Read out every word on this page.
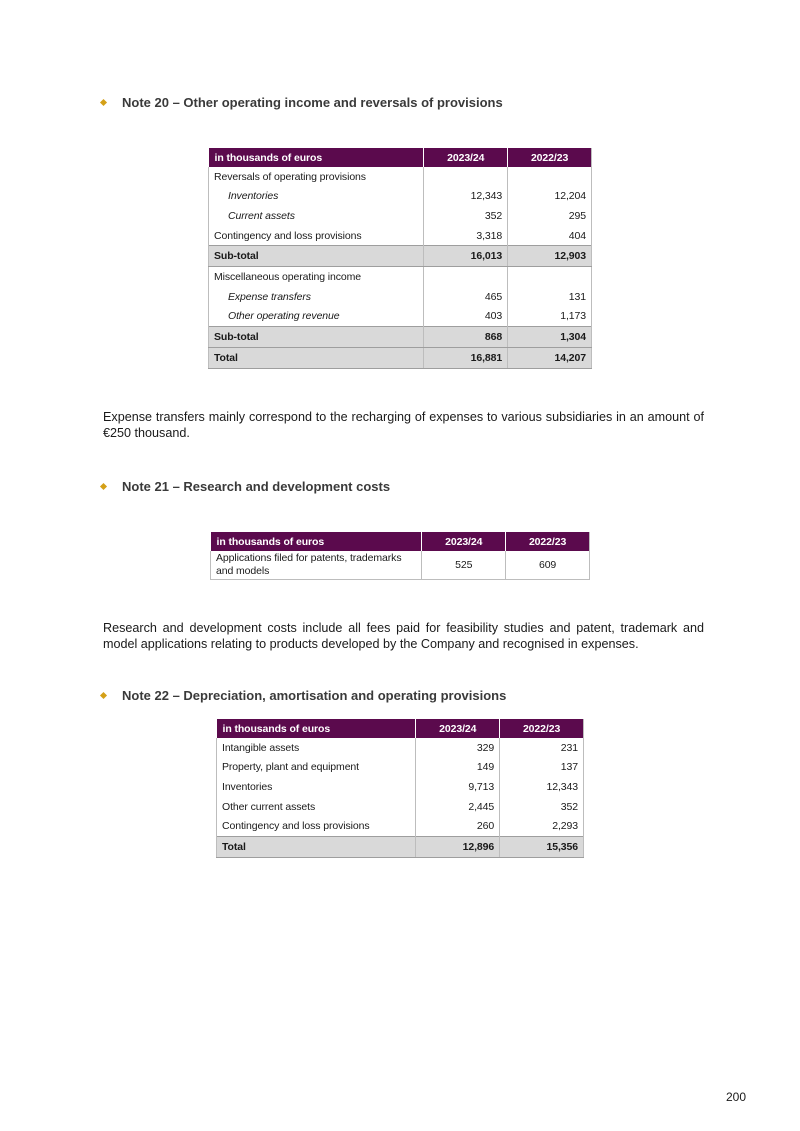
Note 20 – Other operating income and reversals of provisions
in thousands of euros	2023/24	2022/23
Reversals of operating provisions		
Inventories	12,343	12,204
Current assets	352	295
Contingency and loss provisions	3,318	404
Sub-total	16,013	12,903
Miscellaneous operating income		
Expense transfers	465	131
Other operating revenue	403	1,173
Sub-total	868	1,304
Total	16,881	14,207

Expense transfers mainly correspond to the recharging of expenses to various subsidiaries in an amount of €250 thousand.

Note 21 – Research and development costs
in thousands of euros	2023/24	2022/23
Applications filed for patents, trademarks and models	525	609

Research and development costs include all fees paid for feasibility studies and patent, trademark and model applications relating to products developed by the Company and recognised in expenses.

Note 22 – Depreciation, amortisation and operating provisions
in thousands of euros	2023/24	2022/23
Intangible assets	329	231
Property, plant and equipment	149	137
Inventories	9,713	12,343
Other current assets	2,445	352
Contingency and loss provisions	260	2,293
Total	12,896	15,356
200
